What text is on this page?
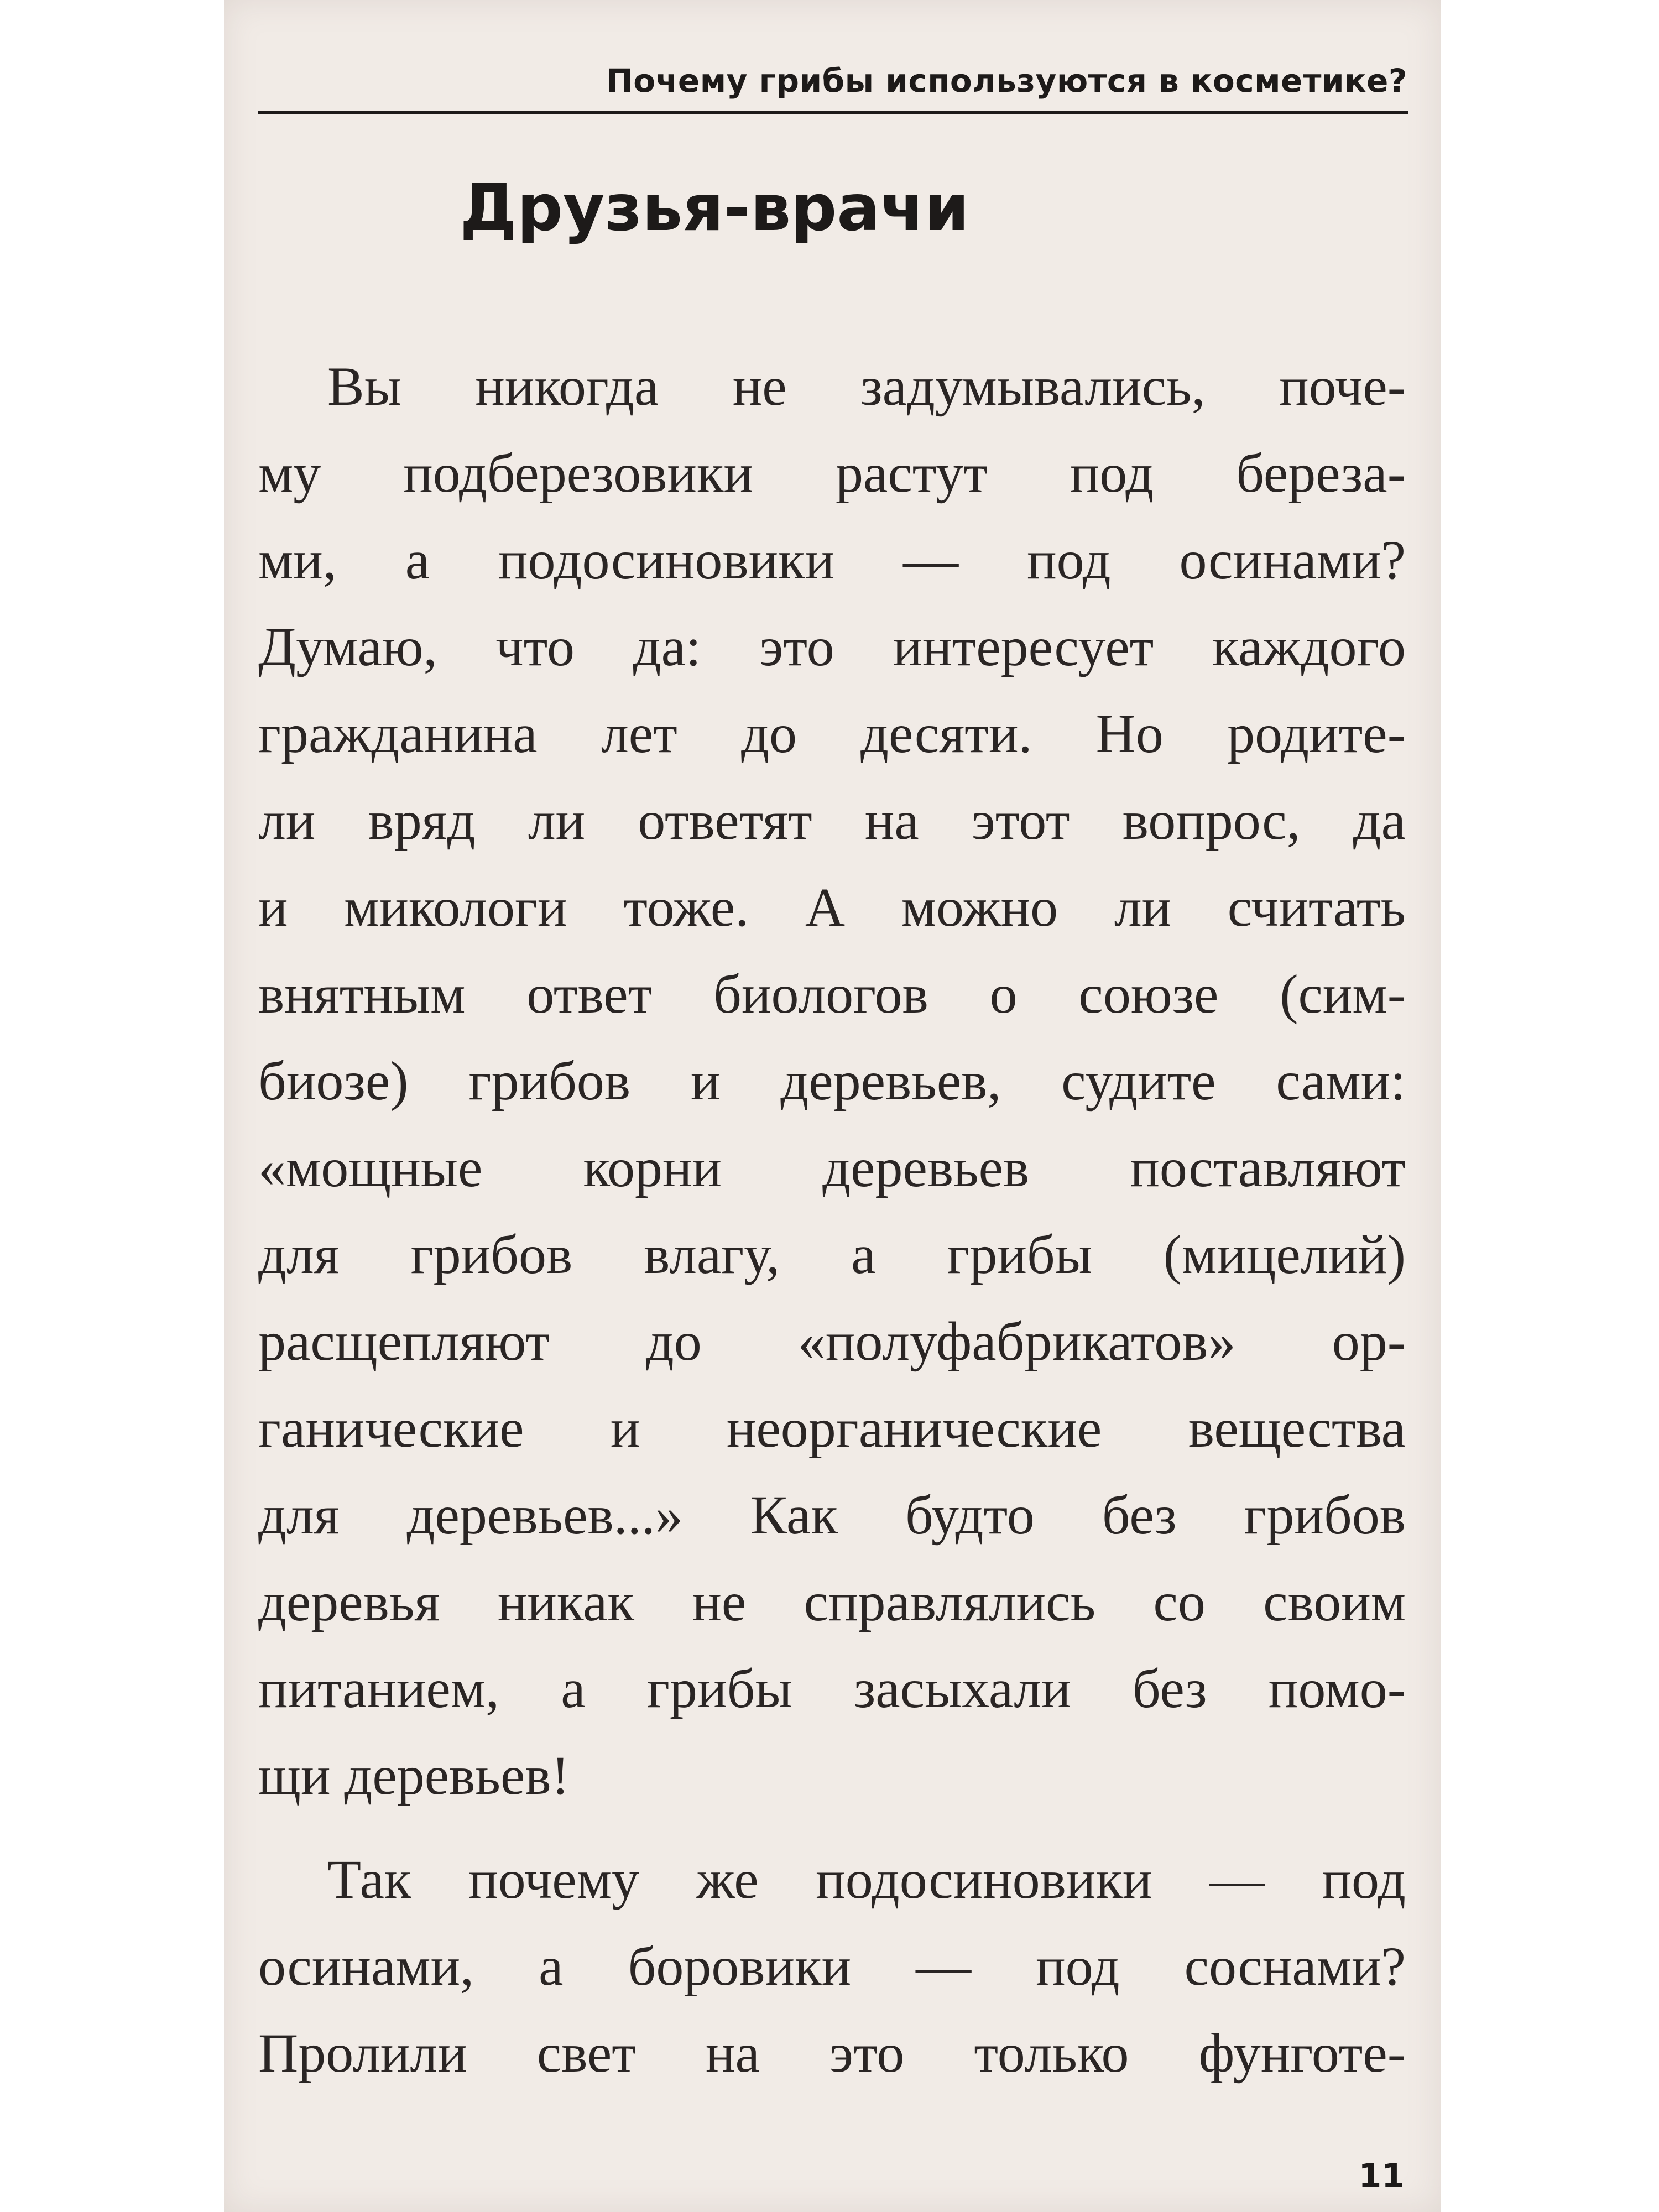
Почему грибы используются в косметике?
Друзья-врачи
Вы никогда не задумывались, поче-
му подберезовики растут под береза-
ми, а подосиновики — под осинами?
Думаю, что да: это интересует каждого
гражданина лет до десяти. Но родите-
ли вряд ли ответят на этот вопрос, да
и микологи тоже. А можно ли считать
внятным ответ биологов о союзе (сим-
биозе) грибов и деревьев, судите сами:
«мощные корни деревьев поставляют
для грибов влагу, а грибы (мицелий)
расщепляют до «полуфабрикатов» ор-
ганические и неорганические вещества
для деревьев...» Как будто без грибов
деревья никак не справлялись со своим
питанием, а грибы засыхали без помо-
щи деревьев!
Так почему же подосиновики — под
осинами, а боровики — под соснами?
Пролили свет на это только фунготе-
11
